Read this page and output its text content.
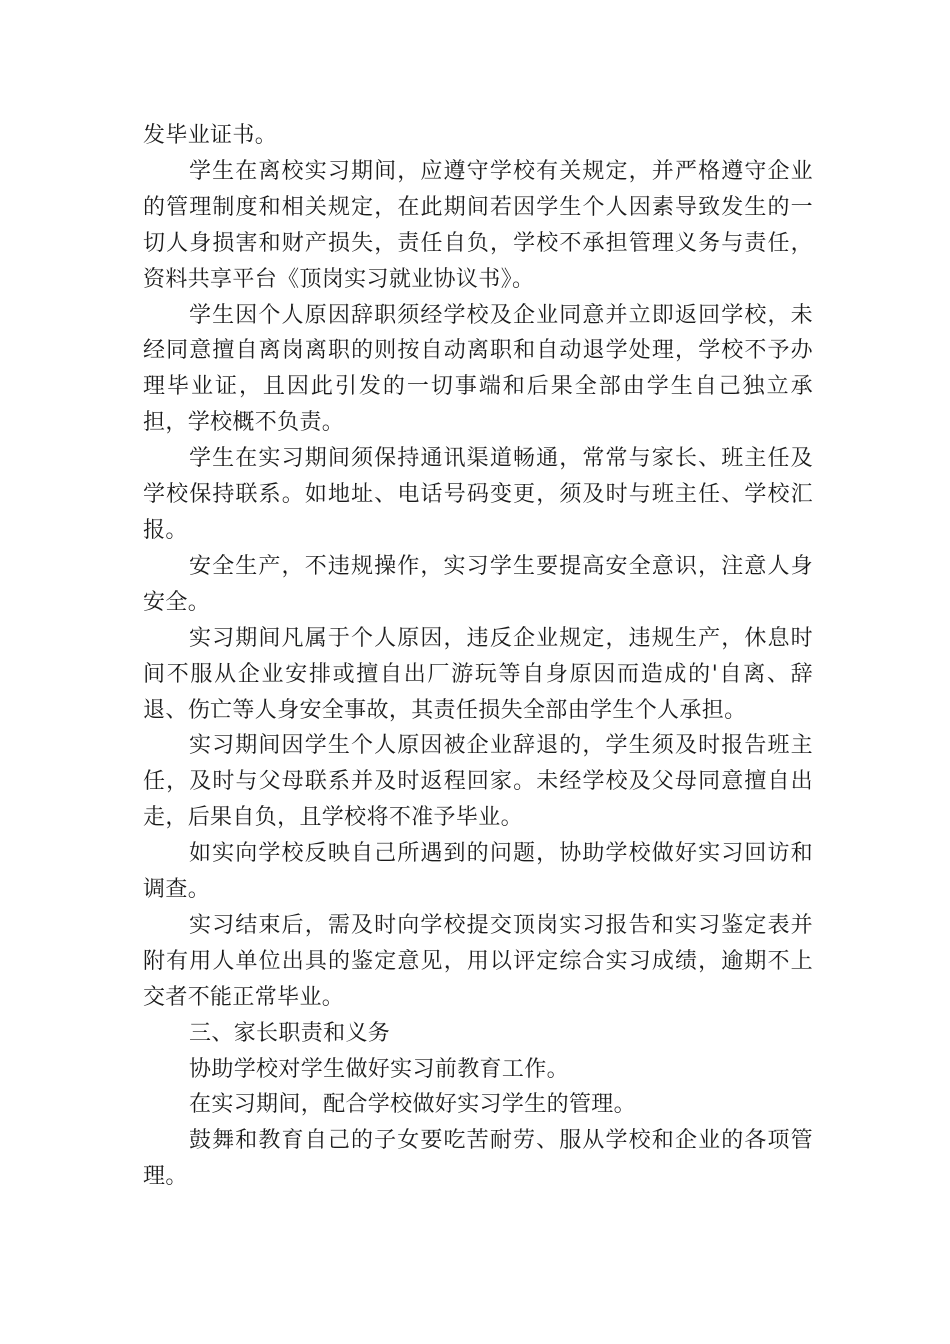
发毕业证书。

学生在离校实习期间，应遵守学校有关规定，并严格遵守企业的管理制度和相关规定，在此期间若因学生个人因素导致发生的一切人身损害和财产损失，责任自负，学校不承担管理义务与责任，资料共享平台《顶岗实习就业协议书》。

学生因个人原因辞职须经学校及企业同意并立即返回学校，未经同意擅自离岗离职的则按自动离职和自动退学处理，学校不予办理毕业证，且因此引发的一切事端和后果全部由学生自己独立承担，学校概不负责。

学生在实习期间须保持通讯渠道畅通，常常与家长、班主任及学校保持联系。如地址、电话号码变更，须及时与班主任、学校汇报。

安全生产，不违规操作，实习学生要提高安全意识，注意人身安全。

实习期间凡属于个人原因，违反企业规定，违规生产，休息时间不服从企业安排或擅自出厂游玩等自身原因而造成的'自离、辞退、伤亡等人身安全事故，其责任损失全部由学生个人承担。

实习期间因学生个人原因被企业辞退的，学生须及时报告班主任，及时与父母联系并及时返程回家。未经学校及父母同意擅自出走，后果自负，且学校将不准予毕业。

如实向学校反映自己所遇到的问题，协助学校做好实习回访和调查。

实习结束后，需及时向学校提交顶岗实习报告和实习鉴定表并附有用人单位出具的鉴定意见，用以评定综合实习成绩，逾期不上交者不能正常毕业。

三、家长职责和义务

协助学校对学生做好实习前教育工作。

在实习期间，配合学校做好实习学生的管理。

鼓舞和教育自己的子女要吃苦耐劳、服从学校和企业的各项管理。
